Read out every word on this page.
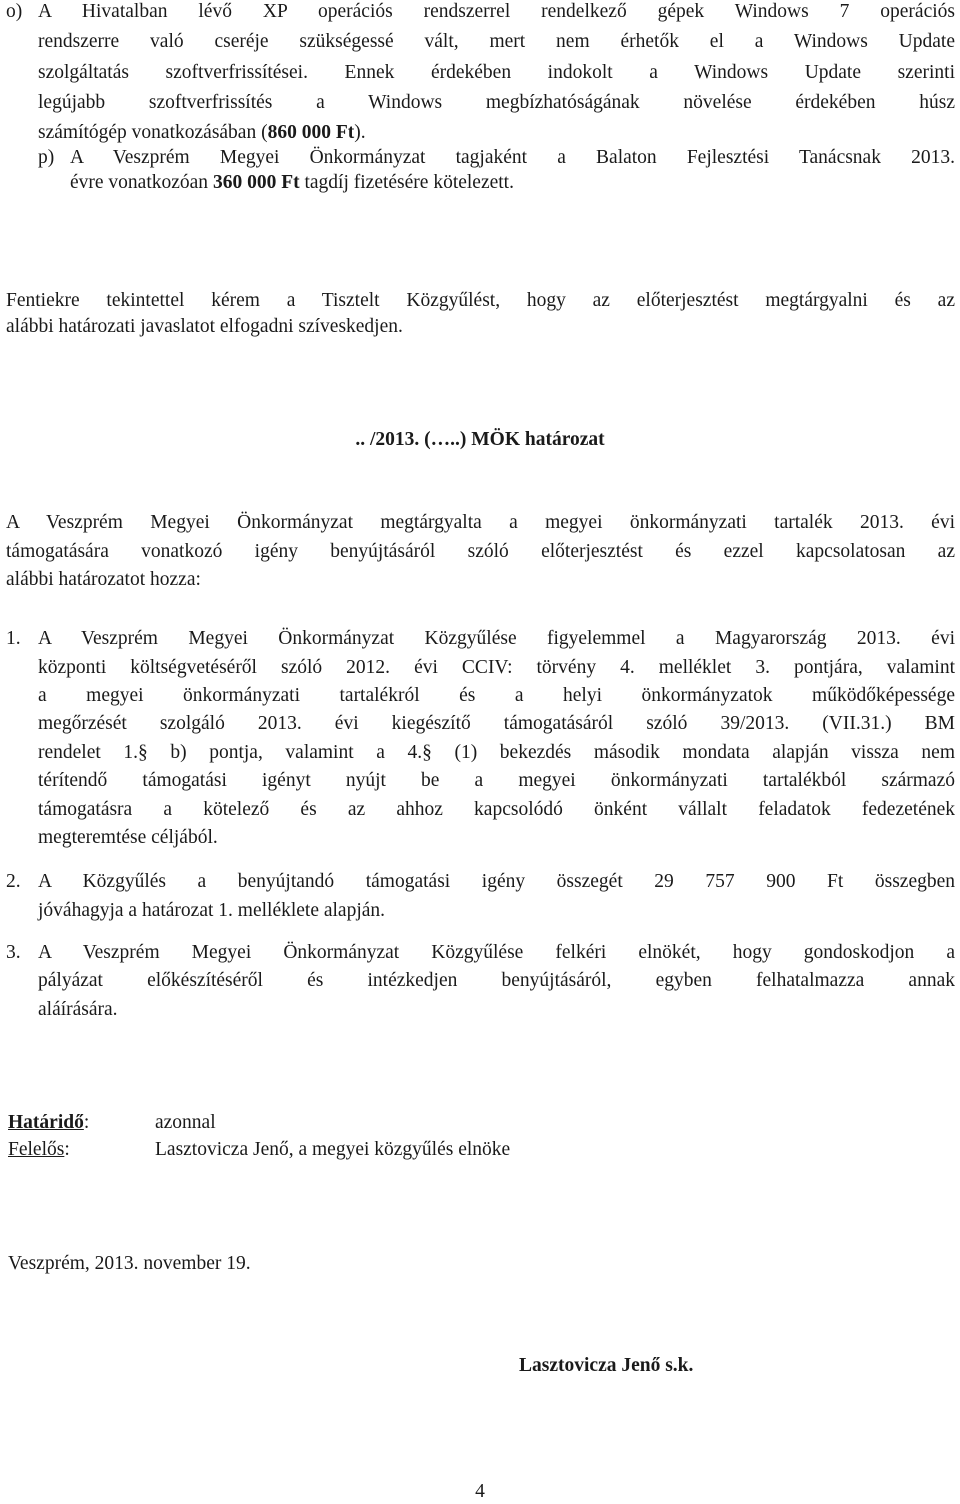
o) A Hivatalban lévő XP operációs rendszerrel rendelkező gépek Windows 7 operációs
rendszerre való cseréje szükségessé vált, mert nem érhetők el a Windows Update
szolgáltatás szoftverfrissítései. Ennek érdekében indokolt a Windows Update szerinti
legújabb szoftverfrissítés a Windows megbízhatóságának növelése érdekében húsz
számítógép vonatkozásában (860 000 Ft).
p) A Veszprém Megyei Önkormányzat tagjaként a Balaton Fejlesztési Tanácsnak 2013.
évre vonatkozóan 360 000 Ft tagdíj fizetésére kötelezett.
Fentiekre tekintettel kérem a Tisztelt Közgyűlést, hogy az előterjesztést megtárgyalni és az
alábbi határozati javaslatot elfogadni szíveskedjen.
.. /2013. (…..) MÖK határozat
A Veszprém Megyei Önkormányzat megtárgyalta a megyei önkormányzati tartalék 2013. évi
támogatására vonatkozó igény benyújtásáról szóló előterjesztést és ezzel kapcsolatosan az
alábbi határozatot hozza:
1. A Veszprém Megyei Önkormányzat Közgyűlése figyelemmel a Magyarország 2013. évi
központi költségvetéséről szóló 2012. évi CCIV: törvény 4. melléklet 3. pontjára, valamint
a megyei önkormányzati tartalékról és a helyi önkormányzatok működőképessége
megőrzését szolgáló 2013. évi kiegészítő támogatásáról szóló 39/2013. (VII.31.) BM
rendelet 1.§ b) pontja, valamint a 4.§ (1) bekezdés második mondata alapján vissza nem
térítendő támogatási igényt nyújt be a megyei önkormányzati tartalékból származó
támogatásra a kötelező és az ahhoz kapcsolódó önként vállalt feladatok fedezetének
megteremtése céljából.
2. A Közgyűlés a benyújtandó támogatási igény összegét 29 757 900 Ft összegben
jóváhagyja a határozat 1. melléklete alapján.
3. A Veszprém Megyei Önkormányzat Közgyűlése felkéri elnökét, hogy gondoskodjon a
pályázat előkészítéséről és intézkedjen benyújtásáról, egyben felhatalmazza annak
aláírására.
Határidő:	azonnal
Felelős:	Lasztovicza Jenő, a megyei közgyűlés elnöke
Veszprém, 2013. november 19.
Lasztovicza Jenő s.k.
4
